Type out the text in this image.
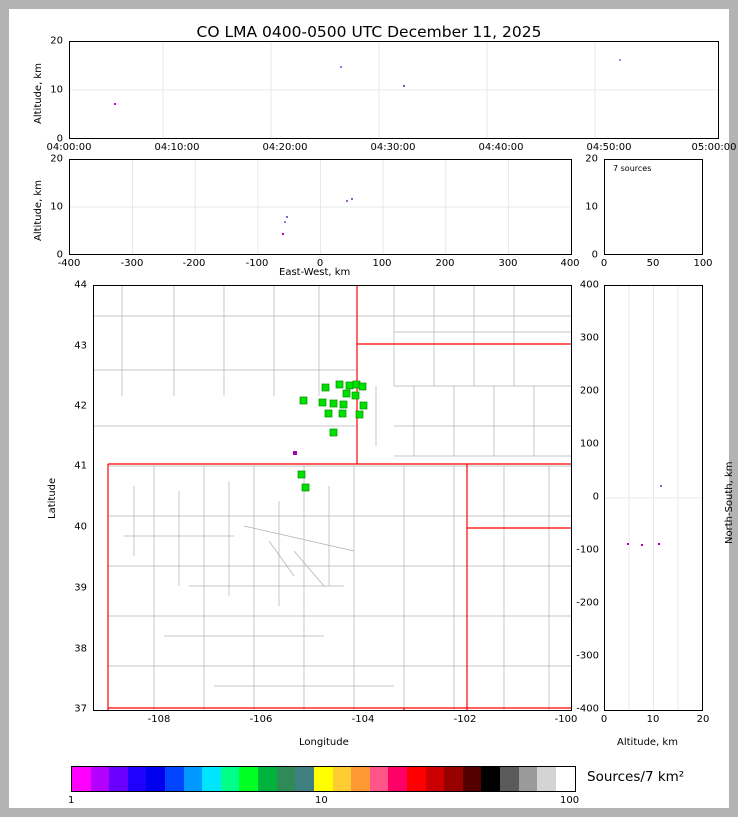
CO LMA 0400-0500 UTC December 11, 2025
Altitude, km
0
10
20
04:00:00	04:10:00	04:20:00	04:30:00	04:40:00	04:50:00	05:00:00
Altitude, km
0
10
20
-400	-300	-200	-100	0	100	200	300	400
East-West, km
7 sources
0
10
20
0	50	100
Latitude
44
43
42
41
40
39
38
37
-108	-106	-104	-102	-100
Longitude
North-South, km
400
300
200
100
0
-100
-200
-300
-400
0	10	20
Altitude, km
1	10	100
Sources/7 km²
